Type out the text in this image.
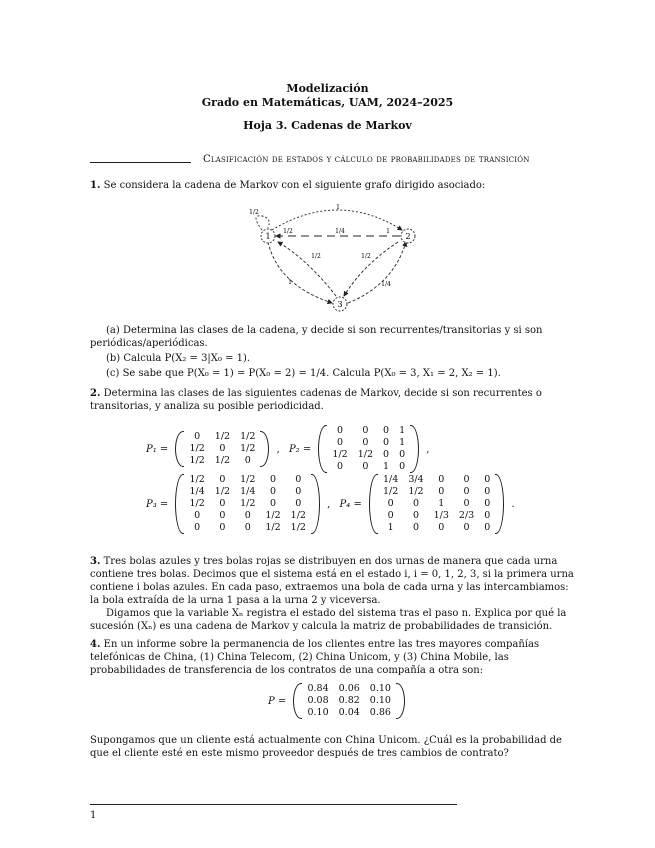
Modelización
Grado en Matemáticas, UAM, 2024–2025
Hoja 3. Cadenas de Markov
Clasificación de estados y cálculo de probabilidades de transición
1. Se considera la cadena de Markov con el siguiente grafo dirigido asociado:
1	2
3
1
1/2
1/4
1
1/2	1/2
1/4
1
1/2
(a) Determina las clases de la cadena, y decide si son recurrentes/transitorias y si son periódicas/aperiódicas.
(b) Calcula P(X₂ = 3|X₀ = 1).
(c) Se sabe que P(X₀ = 1) = P(X₀ = 2) = 1/4. Calcula P(X₀ = 3, X₁ = 2, X₂ = 1).
2. Determina las clases de las siguientes cadenas de Markov, decide si son recurrentes o transitorias, y analiza su posible periodicidad.
P₁ =
0	1/2	1/2
1/2	0	1/2
1/2	1/2	0
, P₂ =
0	0	0	1
0	0	0	1
1/2	1/2	0	0
0	0	1	0
,
P₃ =
1/2	0	1/2	0	0
1/4	1/2	1/4	0	0
1/2	0	1/2	0	0
0	0	0	1/2	1/2
0	0	0	1/2	1/2
, P₄ =
1/4	3/4	0	0	0
1/2	1/2	0	0	0
0	0	1	0	0
0	0	1/3	2/3	0
1	0	0	0	0
.
3. Tres bolas azules y tres bolas rojas se distribuyen en dos urnas de manera que cada urna contiene tres bolas. Decimos que el sistema está en el estado i, i = 0, 1, 2, 3, si la primera urna contiene i bolas azules. En cada paso, extraemos una bola de cada urna y las intercambiamos: la bola extraída de la urna 1 pasa a la urna 2 y viceversa.
Digamos que la variable Xₙ registra el estado del sistema tras el paso n. Explica por qué la sucesión (Xₙ) es una cadena de Markov y calcula la matriz de probabilidades de transición.
4. En un informe sobre la permanencia de los clientes entre las tres mayores compañías telefónicas de China, (1) China Telecom, (2) China Unicom, y (3) China Mobile, las probabilidades de transferencia de los contratos de una compañía a otra son:
P =
0.84	0.06	0.10
0.08	0.82	0.10
0.10	0.04	0.86
Supongamos que un cliente está actualmente con China Unicom. ¿Cuál es la probabilidad de que el cliente esté en este mismo proveedor después de tres cambios de contrato?
1
